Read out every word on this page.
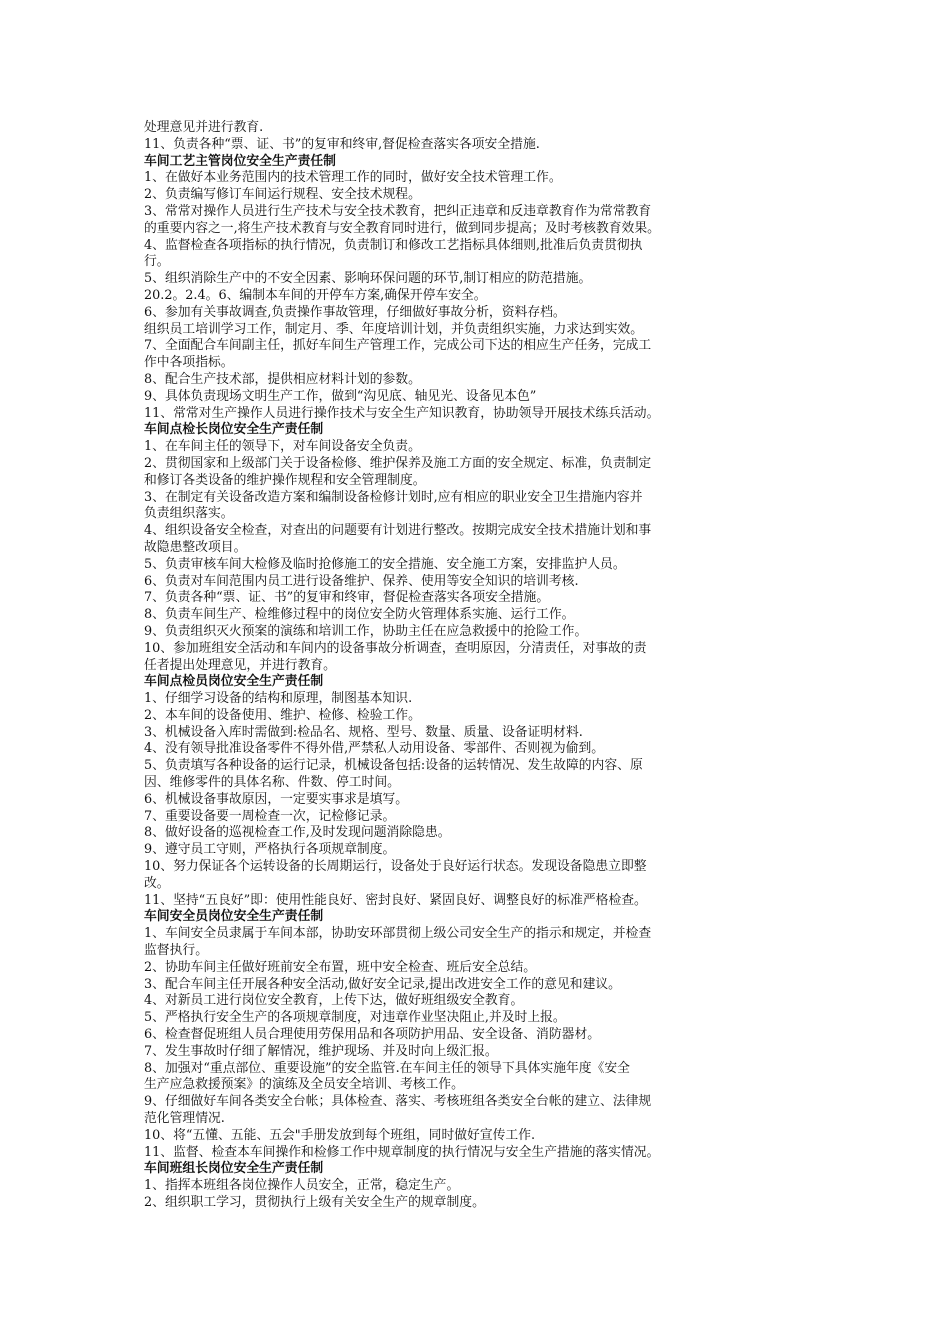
处理意见并进行教育.

11、负责各种“票、证、书”的复审和终审,督促检查落实各项安全措施.

车间工艺主管岗位安全生产责任制

1、在做好本业务范围内的技术管理工作的同时，做好安全技术管理工作。

2、负责编写修订车间运行规程、安全技术规程。

3、常常对操作人员进行生产技术与安全技术教育，把纠正违章和反违章教育作为常常教育

的重要内容之一,将生产技术教育与安全教育同时进行，做到同步提高；及时考核教育效果。

4、监督检查各项指标的执行情况，负责制订和修改工艺指标具体细则,批准后负责贯彻执

行。

5、组织消除生产中的不安全因素、影响环保问题的环节,制订相应的防范措施。

20.2。2.4。6、编制本车间的开停车方案,确保开停车安全。

6、参加有关事故调查,负责操作事故管理，仔细做好事故分析，资料存档。

组织员工培训学习工作，制定月、季、年度培训计划，并负责组织实施，力求达到实效。

7、全面配合车间副主任，抓好车间生产管理工作，完成公司下达的相应生产任务，完成工

作中各项指标。

8、配合生产技术部，提供相应材料计划的参数。

9、具体负责现场文明生产工作，做到“沟见底、轴见光、设备见本色”

11、常常对生产操作人员进行操作技术与安全生产知识教育，协助领导开展技术练兵活动。

车间点检长岗位安全生产责任制

1、在车间主任的领导下，对车间设备安全负责。

2、贯彻国家和上级部门关于设备检修、维护保养及施工方面的安全规定、标准，负责制定

和修订各类设备的维护操作规程和安全管理制度。

3、在制定有关设备改造方案和编制设备检修计划时,应有相应的职业安全卫生措施内容并

负责组织落实。

4、组织设备安全检查，对查出的问题要有计划进行整改。按期完成安全技术措施计划和事

故隐患整改项目。

5、负责审核车间大检修及临时抢修施工的安全措施、安全施工方案，安排监护人员。

6、负责对车间范围内员工进行设备维护、保养、使用等安全知识的培训考核.

7、负责各种“票、证、书”的复审和终审，督促检查落实各项安全措施。

8、负责车间生产、检维修过程中的岗位安全防火管理体系实施、运行工作。

9、负责组织灭火预案的演练和培训工作，协助主任在应急救援中的抢险工作。

10、参加班组安全活动和车间内的设备事故分析调查，查明原因，分清责任，对事故的责

任者提出处理意见，并进行教育。

车间点检员岗位安全生产责任制

1、仔细学习设备的结构和原理，制图基本知识.

2、本车间的设备使用、维护、检修、检验工作。

3、机械设备入库时需做到:检品名、规格、型号、数量、质量、设备证明材料.

4、没有领导批准设备零件不得外借,严禁私人动用设备、零部件、否则视为偷到。

5、负责填写各种设备的运行记录，机械设备包括:设备的运转情况、发生故障的内容、原

因、维修零件的具体名称、件数、停工时间。

6、机械设备事故原因，一定要实事求是填写。

7、重要设备要一周检查一次，记检修记录。

8、做好设备的巡视检查工作,及时发现问题消除隐患。

9、遵守员工守则，严格执行各项规章制度。

10、努力保证各个运转设备的长周期运行，设备处于良好运行状态。发现设备隐患立即整

改。

11、坚持“五良好”即：使用性能良好、密封良好、紧固良好、调整良好的标准严格检查。

车间安全员岗位安全生产责任制

1、车间安全员隶属于车间本部，协助安环部贯彻上级公司安全生产的指示和规定，并检查

监督执行。

2、协助车间主任做好班前安全布置，班中安全检查、班后安全总结。

3、配合车间主任开展各种安全活动,做好安全记录,提出改进安全工作的意见和建议。

4、对新员工进行岗位安全教育，上传下达，做好班组级安全教育。

5、严格执行安全生产的各项规章制度，对违章作业坚决阻止,并及时上报。

6、检查督促班组人员合理使用劳保用品和各项防护用品、安全设备、消防器材。

7、发生事故时仔细了解情况，维护现场、并及时向上级汇报。

8、加强对“重点部位、重要设施”的安全监管.在车间主任的领导下具体实施年度《安全

生产应急救援预案》的演练及全员安全培训、考核工作。

9、仔细做好车间各类安全台帐；具体检查、落实、考核班组各类安全台帐的建立、法律规

范化管理情况.

10、将“五懂、五能、五会"手册发放到每个班组，同时做好宣传工作.

11、监督、检查本车间操作和检修工作中规章制度的执行情况与安全生产措施的落实情况。

车间班组长岗位安全生产责任制

1、指挥本班组各岗位操作人员安全，正常，稳定生产。

2、组织职工学习，贯彻执行上级有关安全生产的规章制度。
